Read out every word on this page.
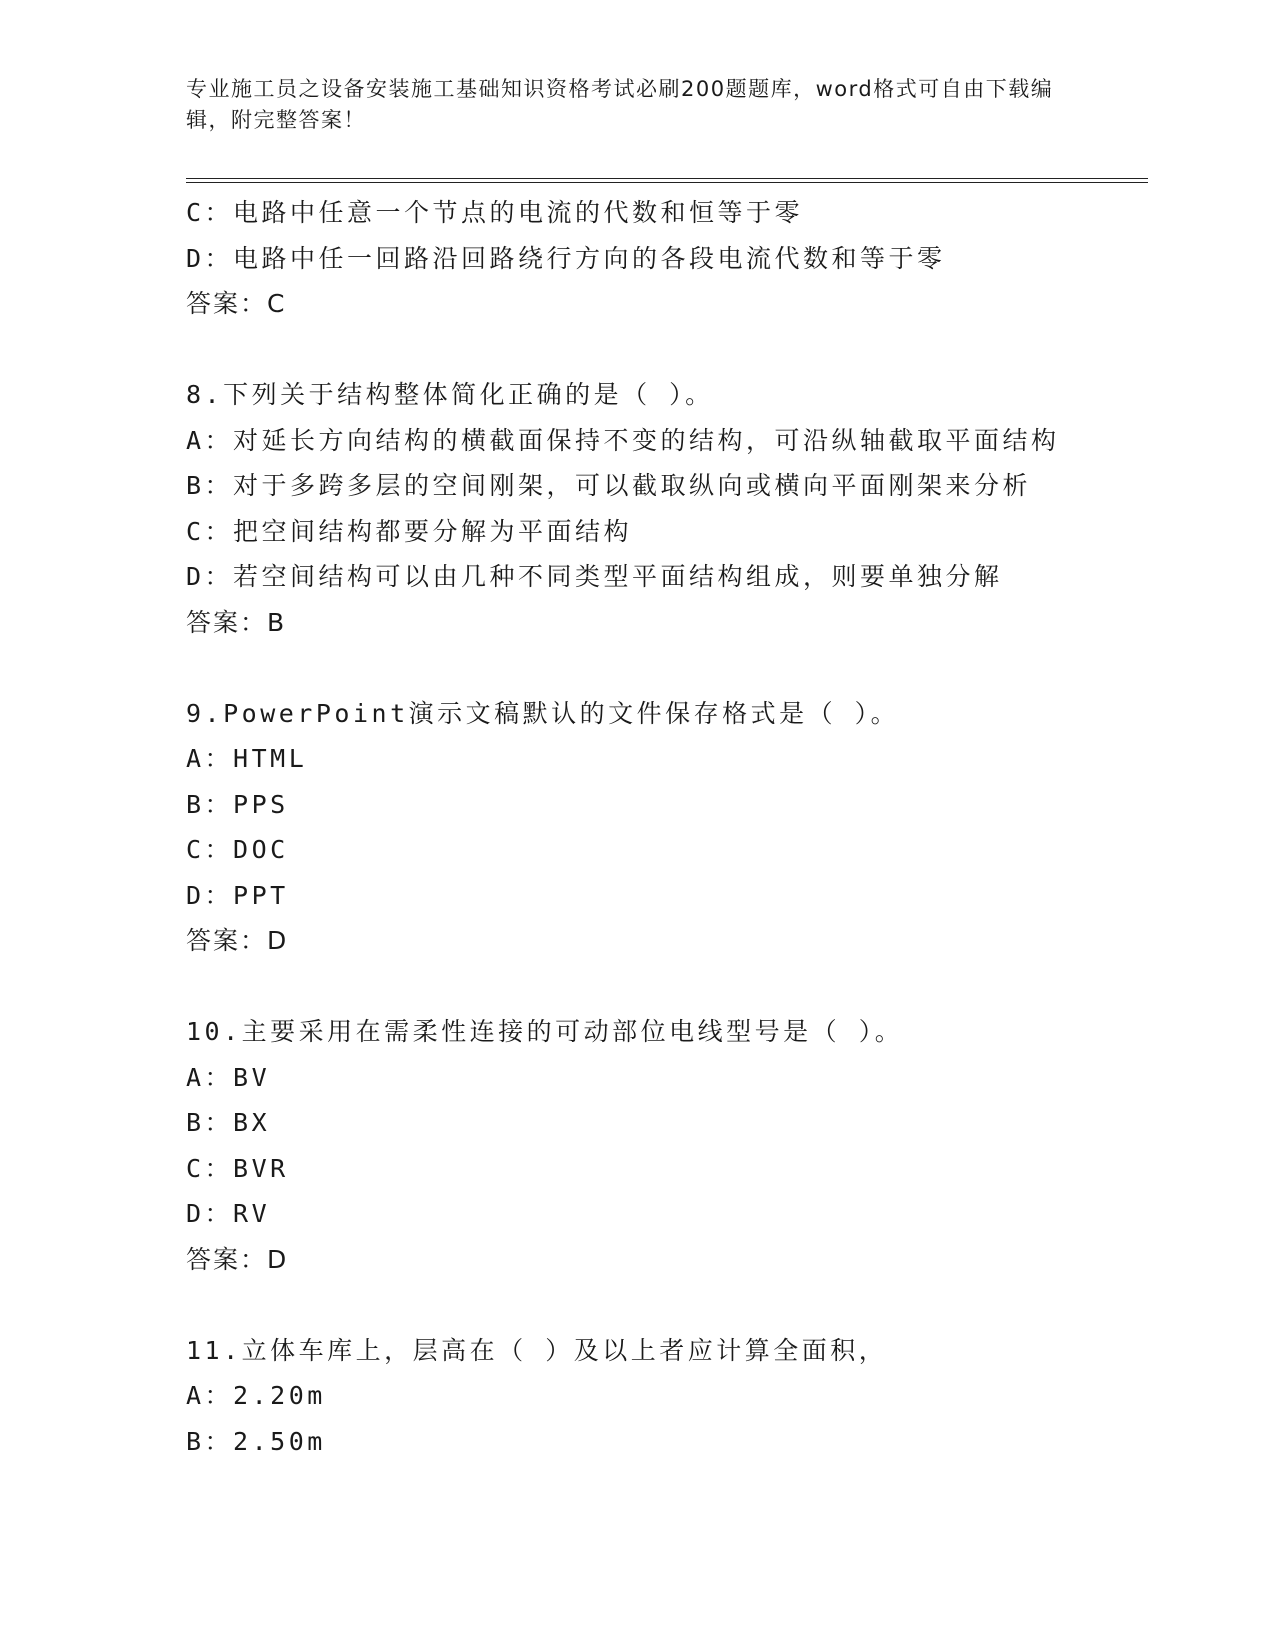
专业施工员之设备安装施工基础知识资格考试必刷200题题库，word格式可自由下载编辑，附完整答案！
C：电路中任意一个节点的电流的代数和恒等于零
D：电路中任一回路沿回路绕行方向的各段电流代数和等于零
答案：C
8.下列关于结构整体简化正确的是（ ）。
A：对延长方向结构的横截面保持不变的结构，可沿纵轴截取平面结构
B：对于多跨多层的空间刚架，可以截取纵向或横向平面刚架来分析
C：把空间结构都要分解为平面结构
D：若空间结构可以由几种不同类型平面结构组成，则要单独分解
答案：B
9.PowerPoint演示文稿默认的文件保存格式是（ ）。
A：HTML
B：PPS
C：DOC
D：PPT
答案：D
10.主要采用在需柔性连接的可动部位电线型号是（ ）。
A：BV
B：BX
C：BVR
D：RV
答案：D
11.立体车库上，层高在（ ）及以上者应计算全面积，
A：2.20m
B：2.50m
